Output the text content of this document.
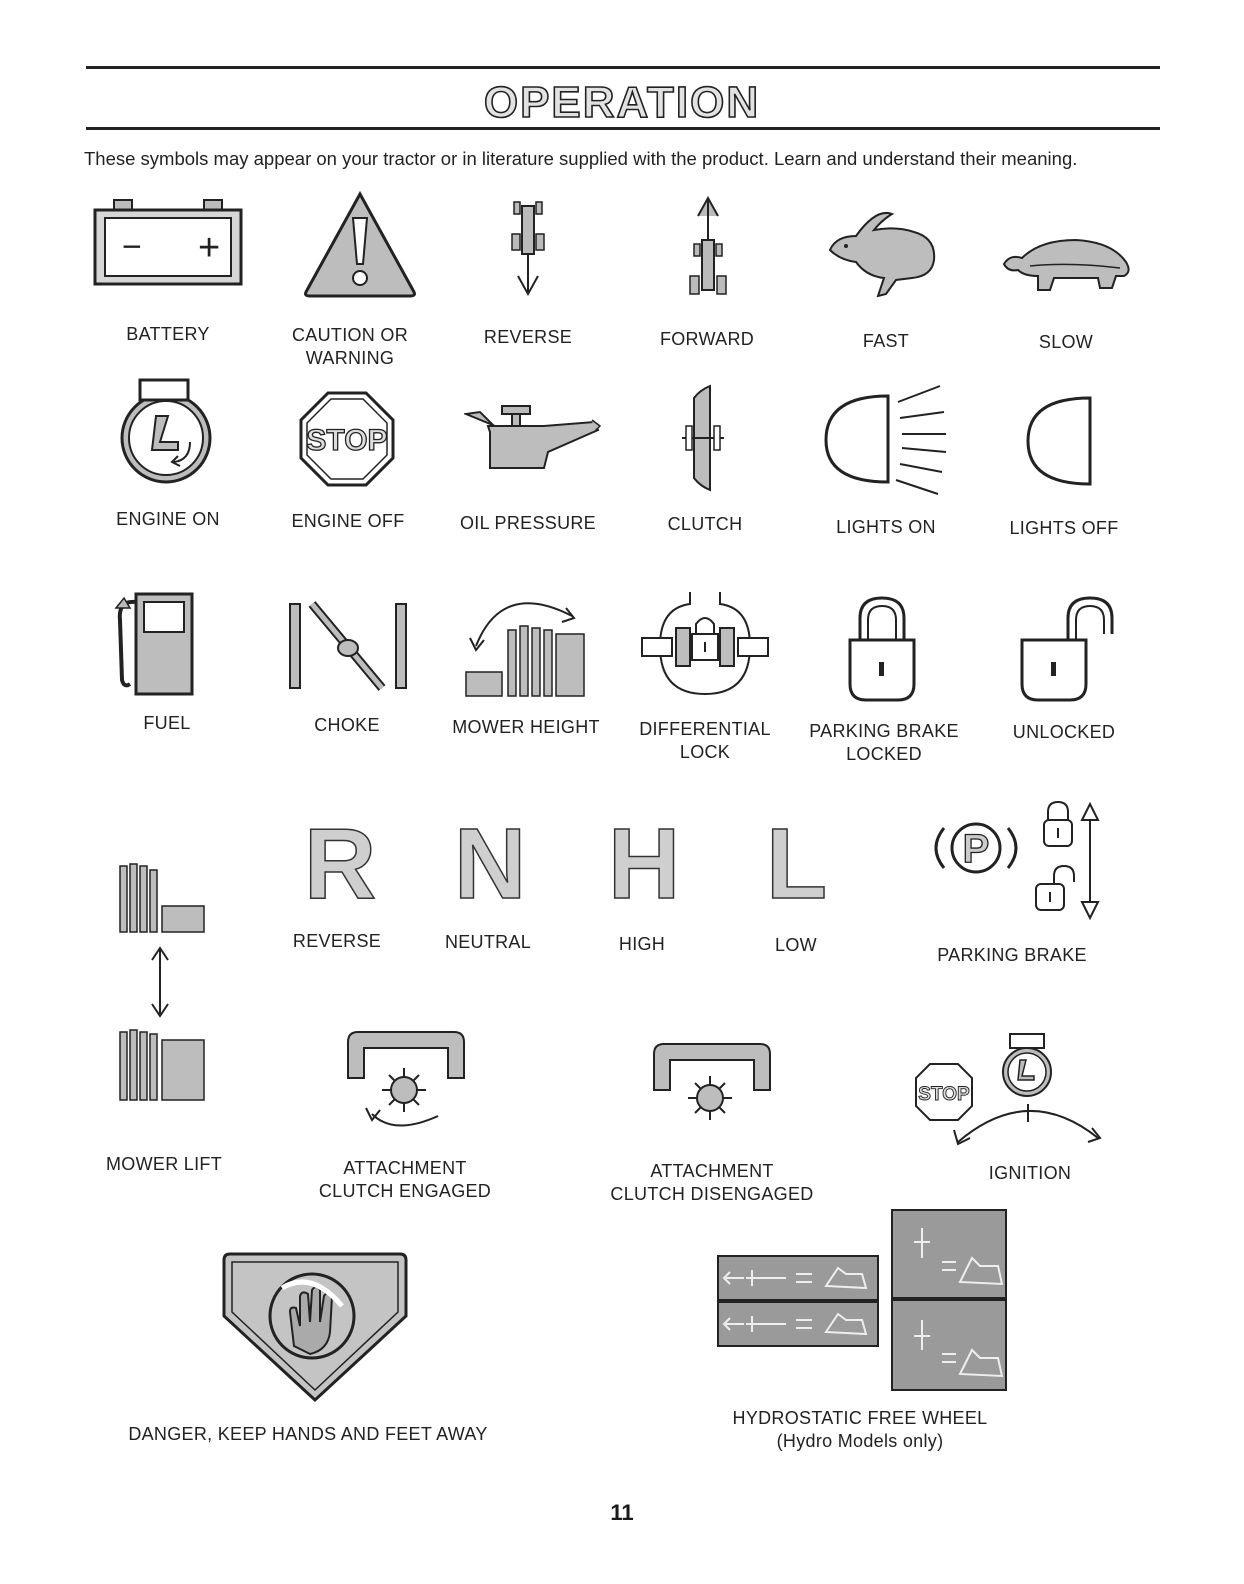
OPERATION
These symbols may appear on your tractor or in literature supplied with the product. Learn and understand their meaning.
− +
BATTERY	CAUTION OR
WARNING
REVERSE	FORWARD	FAST	SLOW
ENGINE ON
STOP
ENGINE OFF	OIL PRESSURE	CLUTCH	LIGHTS ON	LIGHTS OFF
FUEL	CHOKE	MOWER HEIGHT DIFFERENTIAL
LOCK
PARKING BRAKE
LOCKED
UNLOCKED
MOWER LIFT
R
REVERSE
N
NEUTRAL
H
HIGH
L
LOW
P
PARKING BRAKE
ATTACHMENT
CLUTCH ENGAGED
ATTACHMENT
CLUTCH DISENGAGED
STOP
IGNITION
DANGER, KEEP HANDS AND FEET AWAY
HYDROSTATIC FREE WHEEL
(Hydro Models only)
11
